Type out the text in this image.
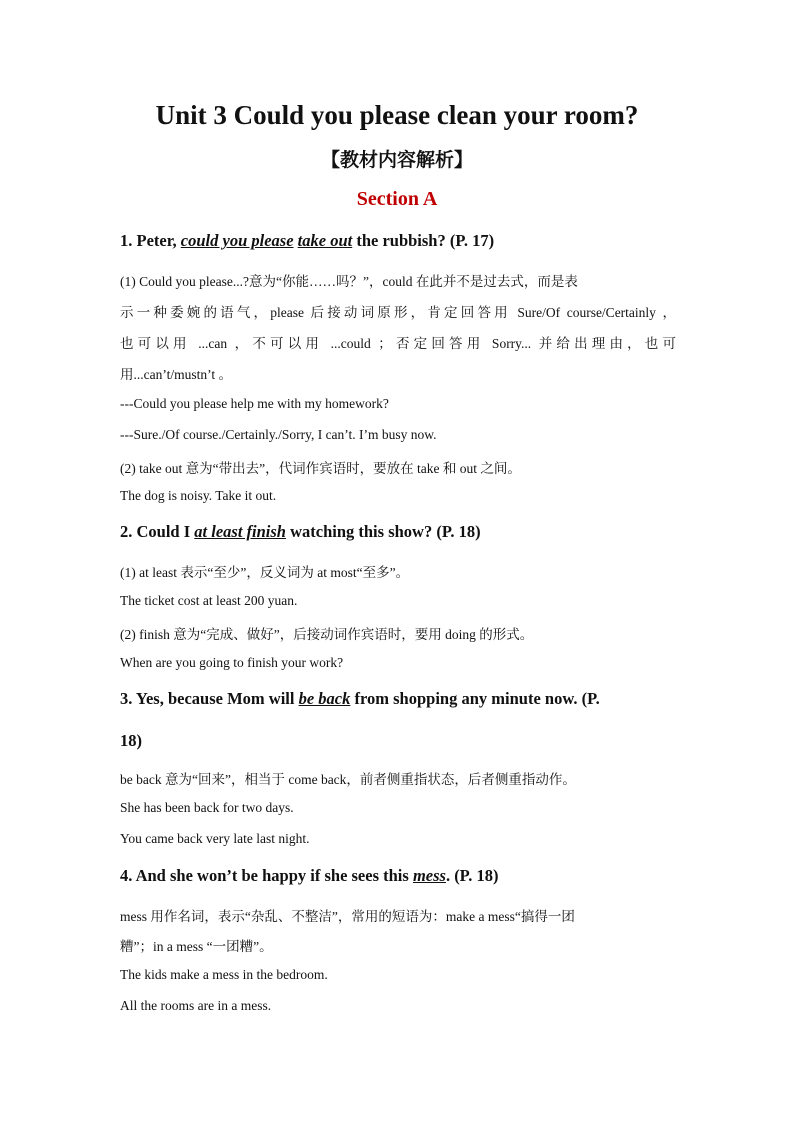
Unit 3 Could you please clean your room?
【教材内容解析】
Section A
1. Peter, could you please take out the rubbish? (P. 17)
(1) Could you please...?意为“你能……吗？”，could 在此并不是过去式，而是表
示一种委婉的语气，please 后接动词原形，肯定回答用 Sure/Of course/Certainly ，
也可以用 ...can ，不可以用 ...could ；否定回答用 Sorry... 并给出理由，也可
用...can’t/mustn’t 。
---Could you please help me with my homework?
---Sure./Of course./Certainly./Sorry, I can’t. I’m busy now.
(2) take out 意为“带出去”，代词作宾语时，要放在 take 和 out 之间。
The dog is noisy. Take it out.
2. Could I at least finish watching this show? (P. 18)
(1) at least 表示“至少”，反义词为 at most“至多”。
The ticket cost at least 200 yuan.
(2) finish 意为“完成、做好”，后接动词作宾语时，要用 doing 的形式。
When are you going to finish your work?
3. Yes, because Mom will be back from shopping any minute now. (P.
18)
be back 意为“回来”，相当于 come back，前者侧重指状态，后者侧重指动作。
She has been back for two days.
You came back very late last night.
4. And she won’t be happy if she sees this mess. (P. 18)
mess 用作名词，表示“杂乱、不整洁”，常用的短语为：make a mess“搞得一团
糟”；in a mess “一团糟”。
The kids make a mess in the bedroom.
All the rooms are in a mess.
